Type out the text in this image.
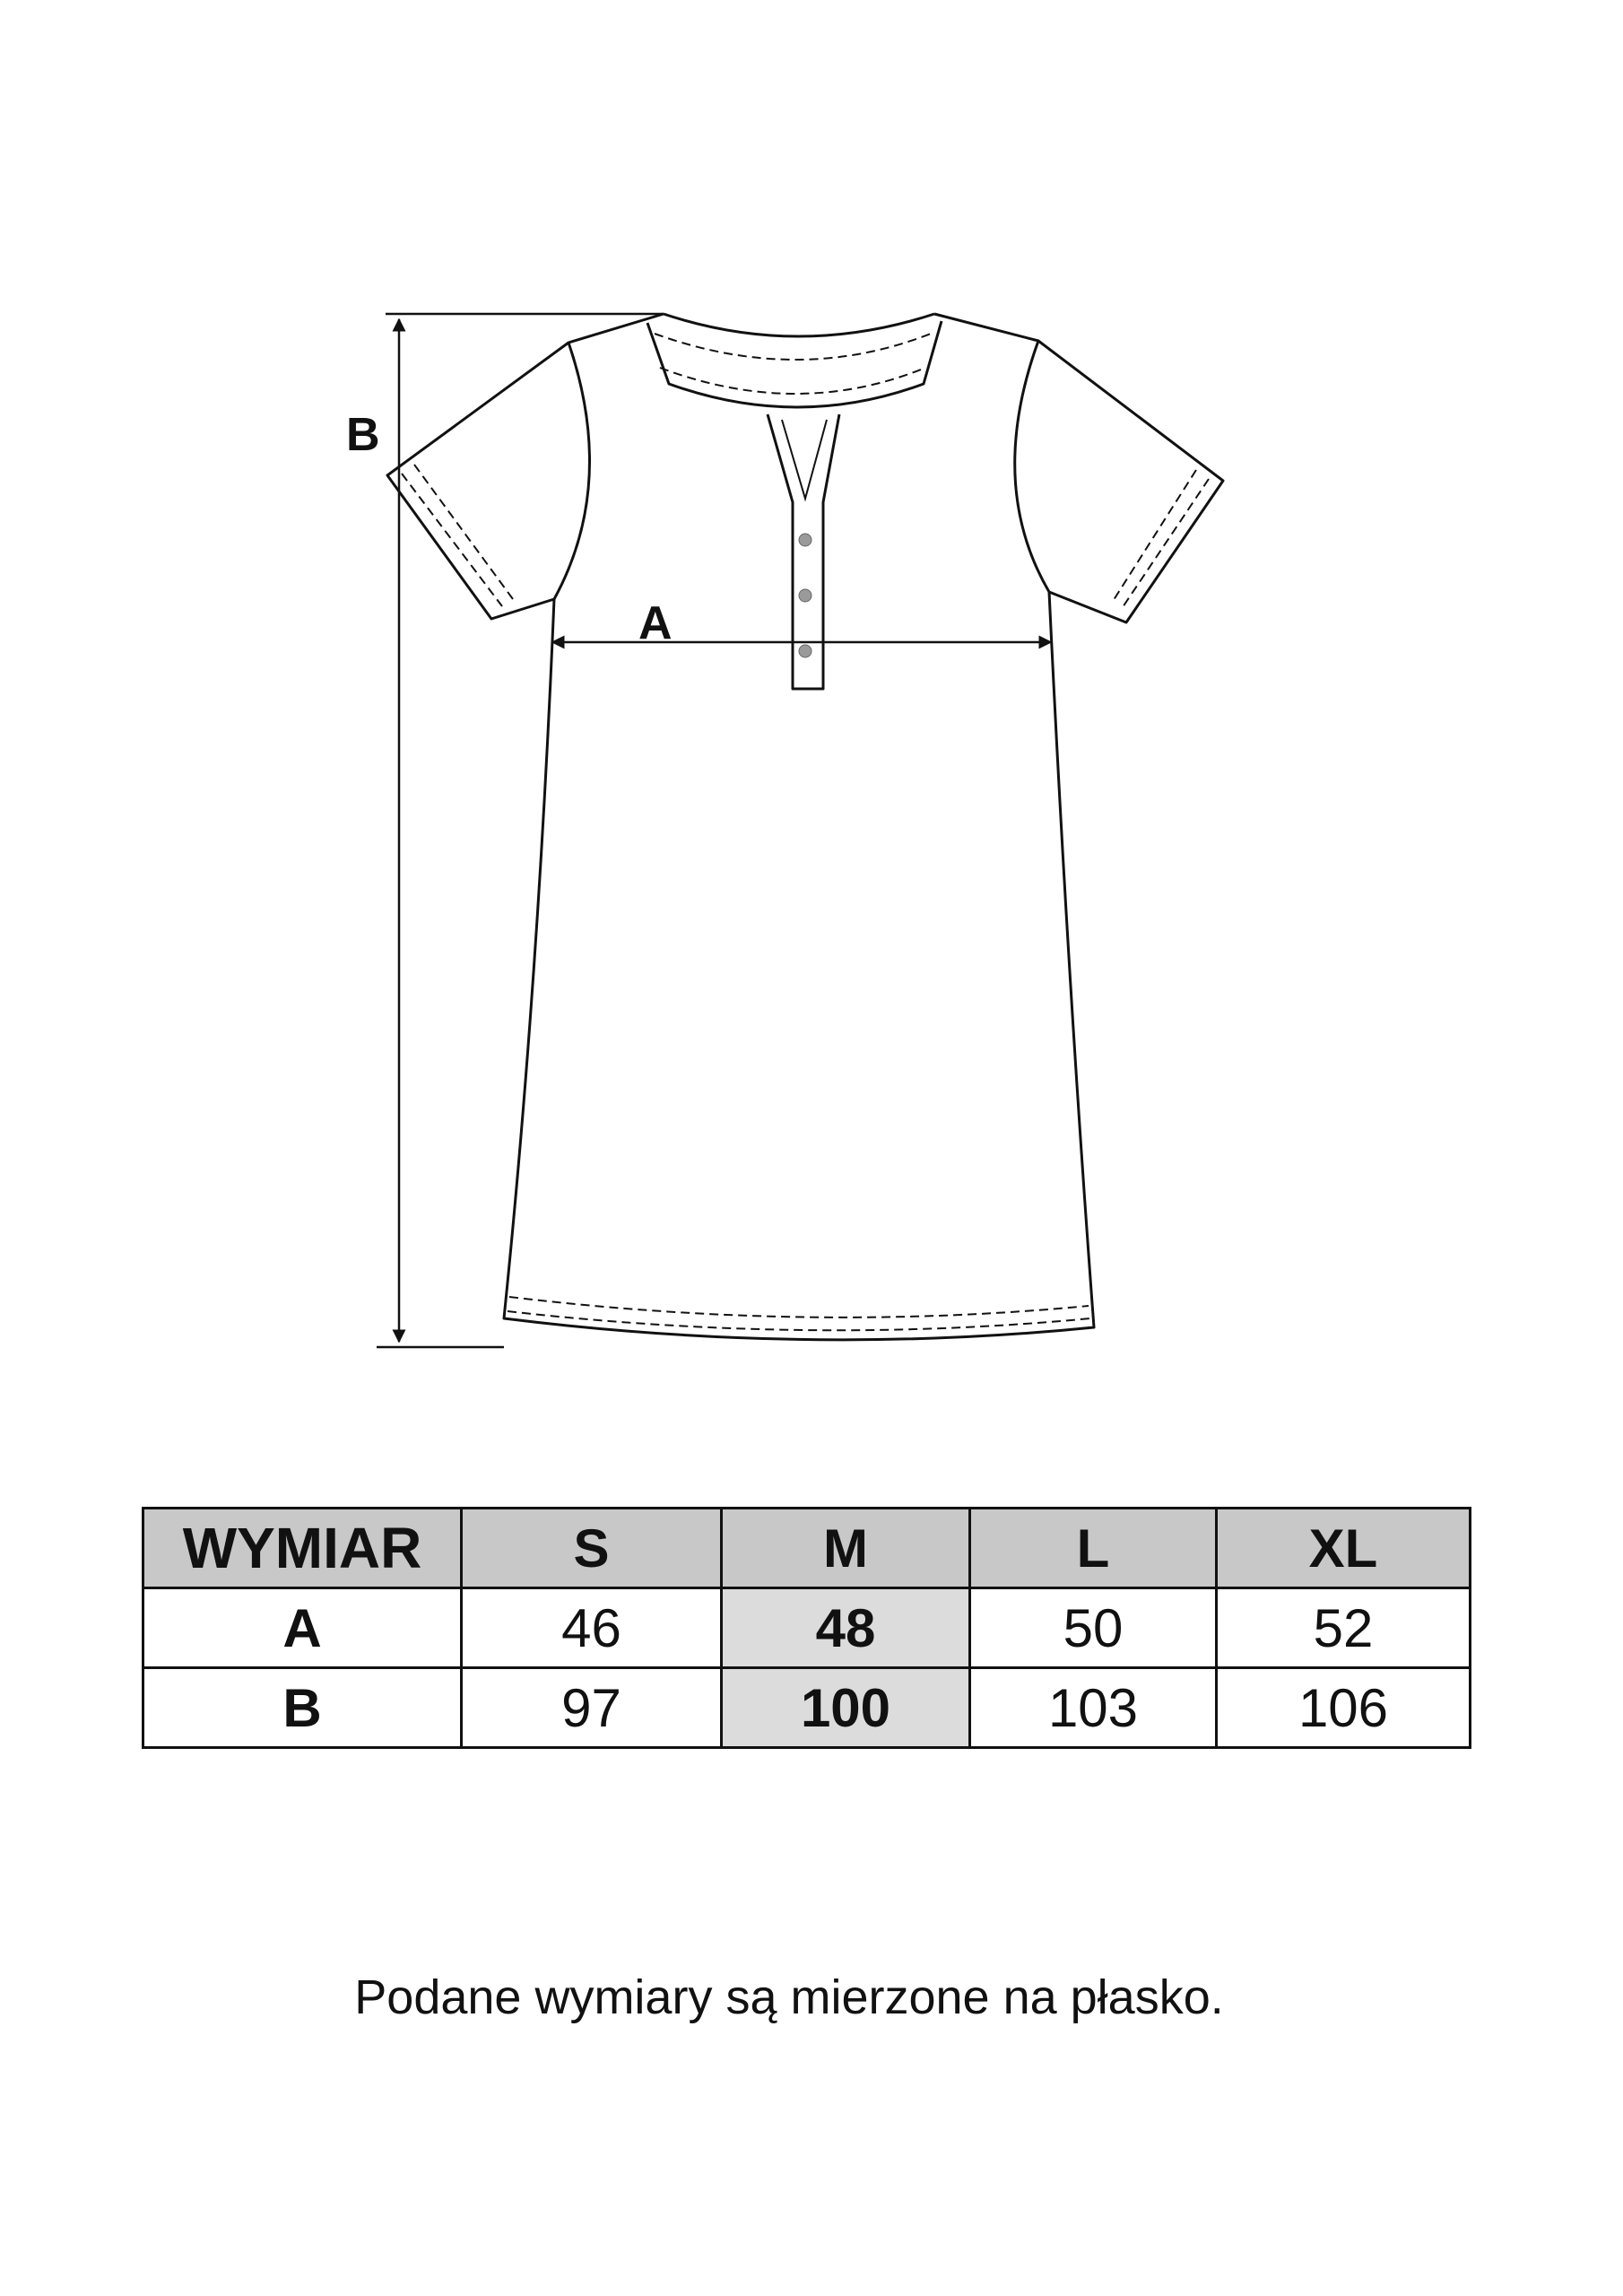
B
A
WYMIAR	S	M	L	XL
A	46	48	50	52
B	97	100	103	106
Podane wymiary są mierzone na płasko.
